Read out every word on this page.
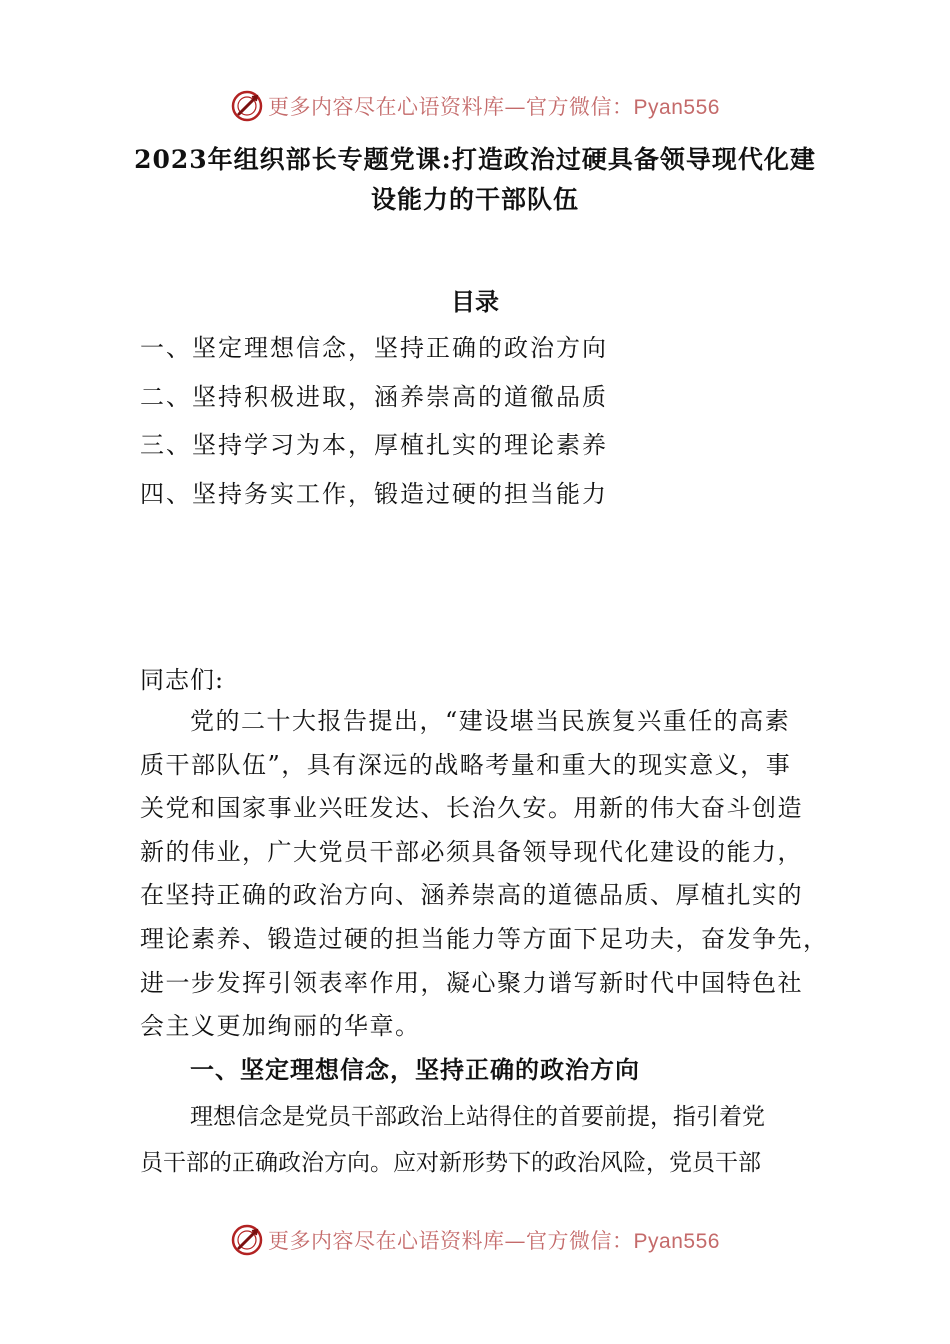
更多内容尽在心语资料库—官方微信：Pyan556
2023年组织部长专题党课:打造政治过硬具备领导现代化建
设能力的干部队伍
目录
一、坚定理想信念，坚持正确的政治方向
二、坚持积极进取，涵养崇高的道徹品质
三、坚持学习为本，厚植扎实的理论素养
四、坚持务实工作，锻造过硬的担当能力

同志们:

党的二十大报告提出，“建设堪当民族复兴重任的高素
质干部队伍”，具有深远的战略考量和重大的现实意义，事
关党和国家事业兴旺发达、长治久安。用新的伟大奋斗创造
新的伟业，广大党员干部必须具备领导现代化建设的能力，
在坚持正确的政治方向、涵养崇高的道德品质、厚植扎实的
理论素养、锻造过硬的担当能力等方面下足功夫，奋发争先，
进一步发挥引领表率作用，凝心聚力谱写新时代中国特色社
会主义更加绚丽的华章。

一、坚定理想信念，坚持正确的政治方向

理想信念是党员干部政治上站得住的首要前提，指引着党
员干部的正确政治方向。应对新形势下的政治风险，党员干部

更多内容尽在心语资料库—官方微信：Pyan556
